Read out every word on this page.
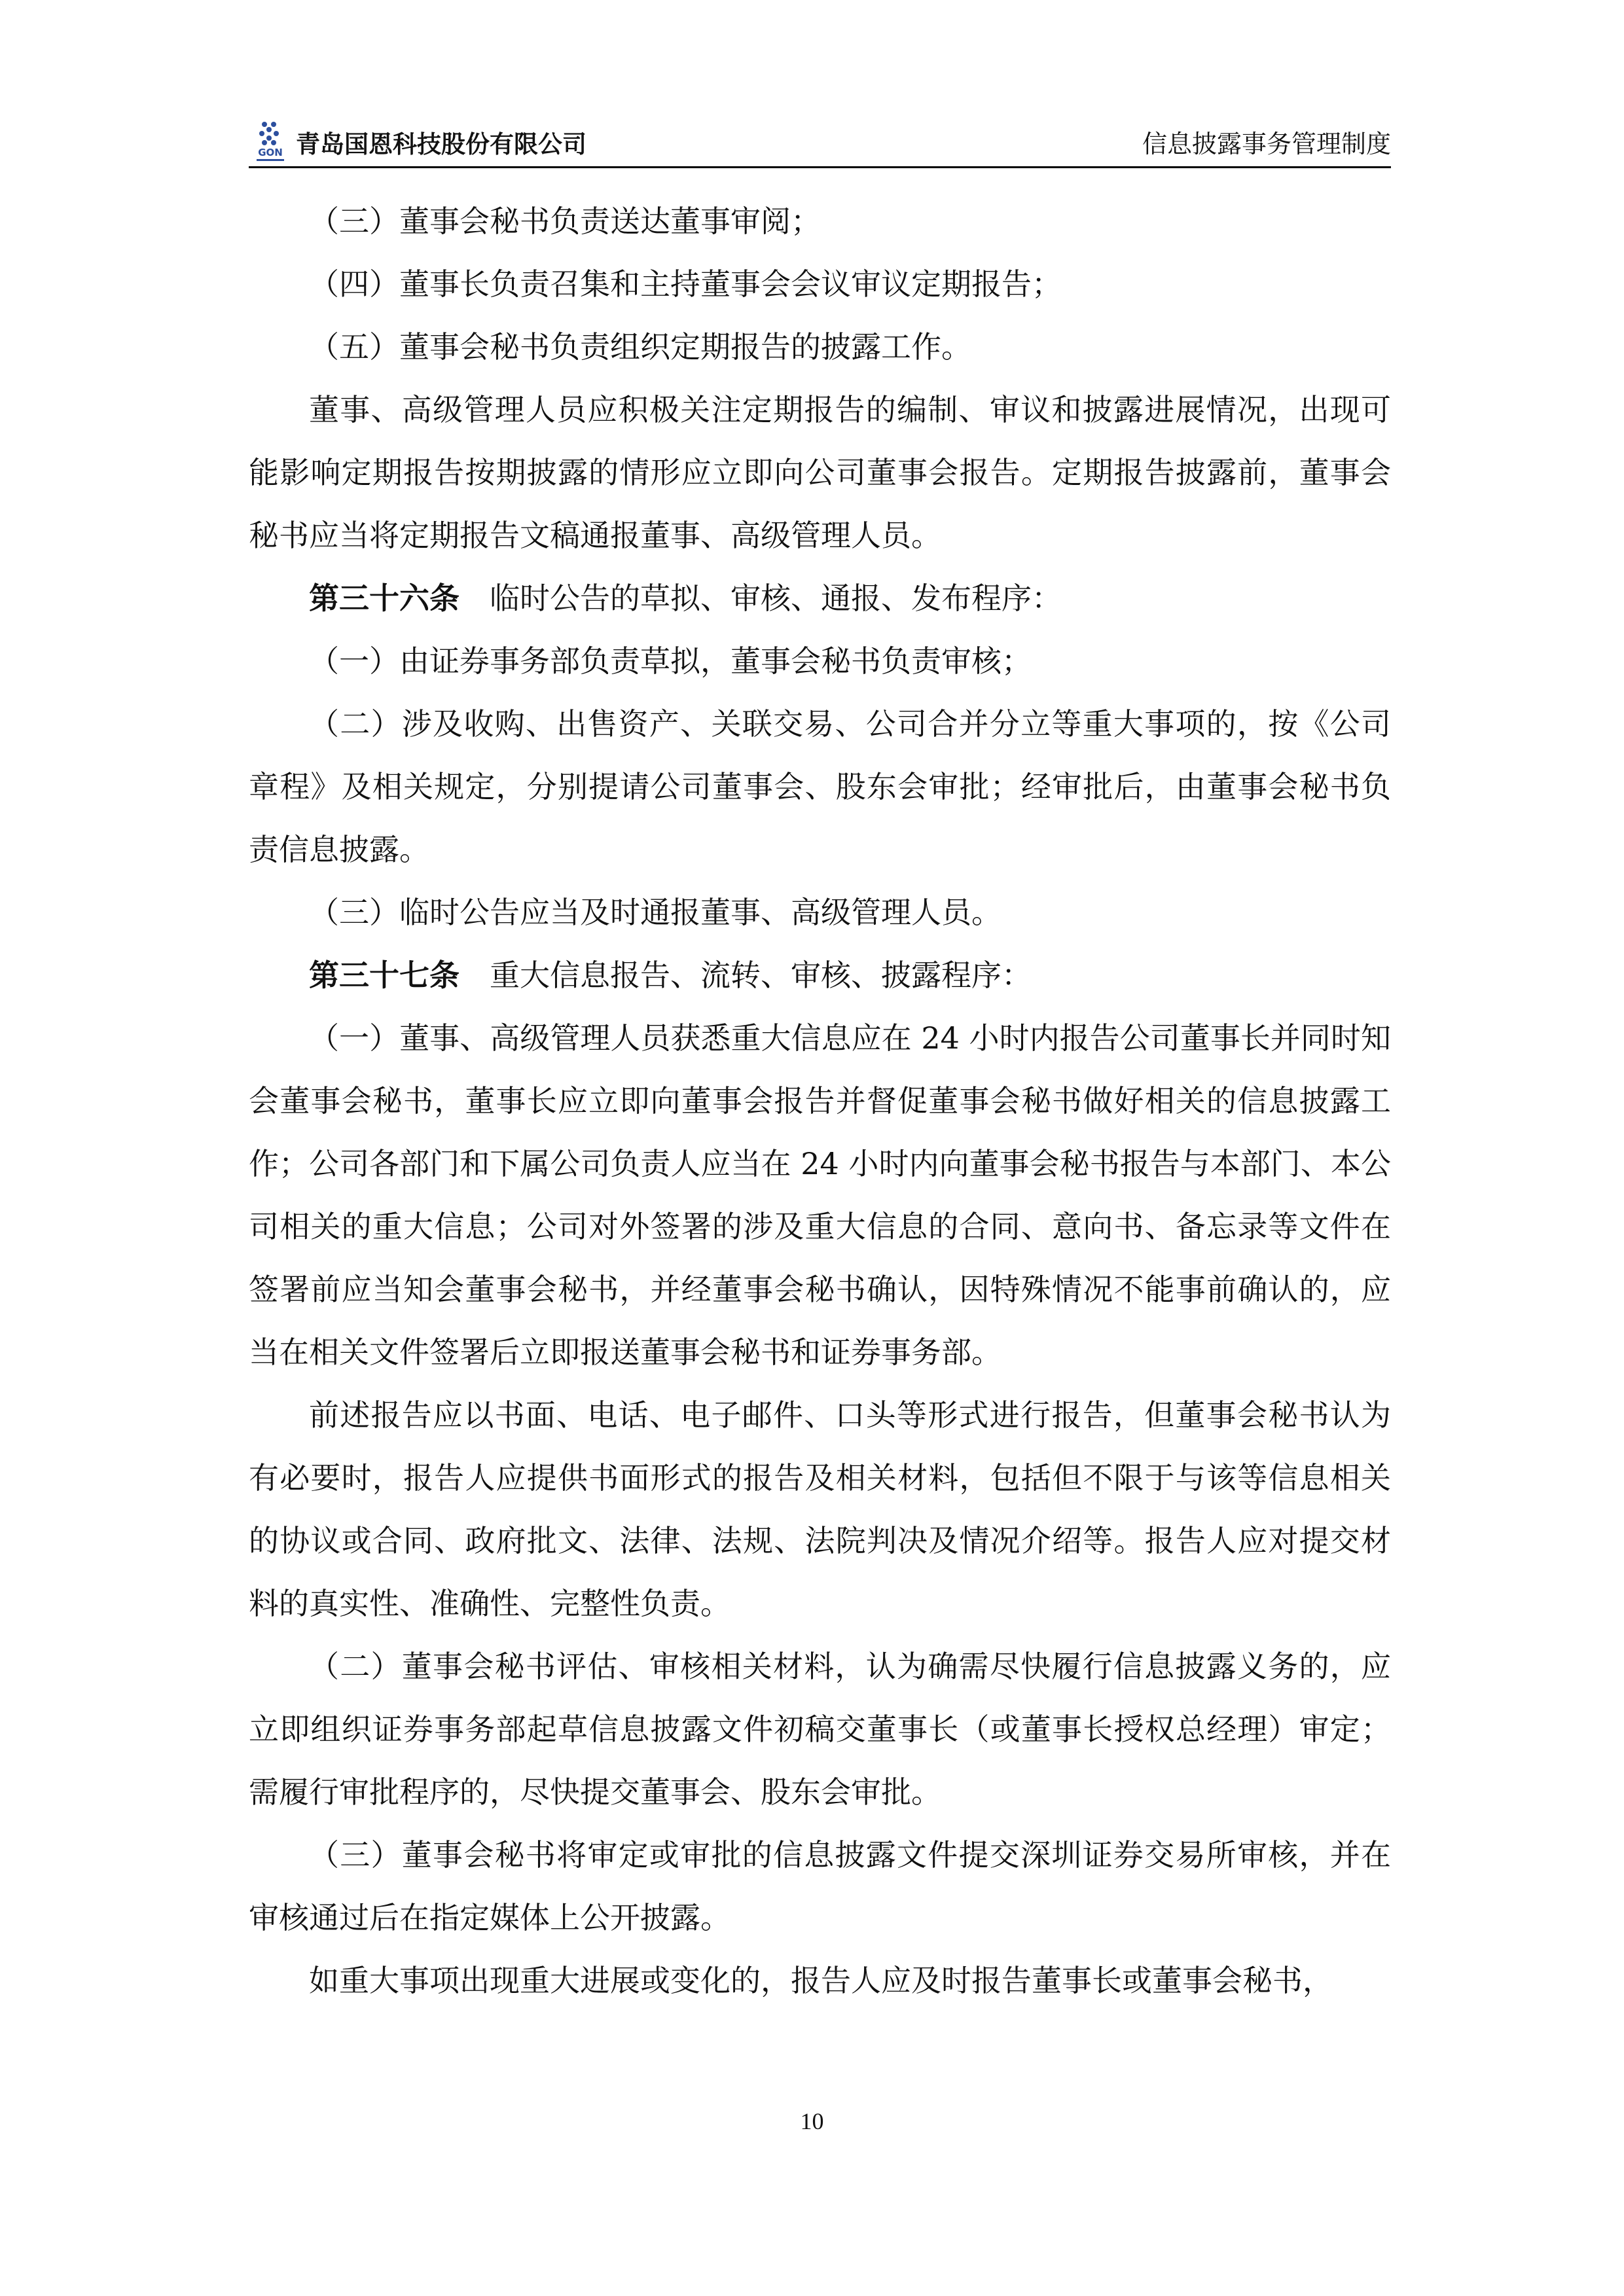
GON 青岛国恩科技股份有限公司	信息披露事务管理制度

（三）董事会秘书负责送达董事审阅；

（四）董事长负责召集和主持董事会会议审议定期报告；

（五）董事会秘书负责组织定期报告的披露工作。

董事、高级管理人员应积极关注定期报告的编制、审议和披露进展情况，出现可能影响定期报告按期披露的情形应立即向公司董事会报告。定期报告披露前，董事会秘书应当将定期报告文稿通报董事、高级管理人员。

第三十六条　 临时公告的草拟、审核、通报、发布程序：

（一）由证券事务部负责草拟，董事会秘书负责审核；

（二）涉及收购、出售资产、关联交易、公司合并分立等重大事项的，按《公司章程》及相关规定，分别提请公司董事会、股东会审批；经审批后，由董事会秘书负责信息披露。

（三）临时公告应当及时通报董事、高级管理人员。

第三十七条　 重大信息报告、流转、审核、披露程序：

（一）董事、高级管理人员获悉重大信息应在 24 小时内报告公司董事长并同时知会董事会秘书，董事长应立即向董事会报告并督促董事会秘书做好相关的信息披露工作；公司各部门和下属公司负责人应当在 24 小时内向董事会秘书报告与本部门、本公司相关的重大信息；公司对外签署的涉及重大信息的合同、意向书、备忘录等文件在签署前应当知会董事会秘书，并经董事会秘书确认，因特殊情况不能事前确认的，应当在相关文件签署后立即报送董事会秘书和证券事务部。

前述报告应以书面、电话、电子邮件、口头等形式进行报告，但董事会秘书认为有必要时，报告人应提供书面形式的报告及相关材料，包括但不限于与该等信息相关的协议或合同、政府批文、法律、法规、法院判决及情况介绍等。报告人应对提交材料的真实性、准确性、完整性负责。

（二）董事会秘书评估、审核相关材料，认为确需尽快履行信息披露义务的，应立即组织证券事务部起草信息披露文件初稿交董事长（或董事长授权总经理）审定；需履行审批程序的，尽快提交董事会、股东会审批。

（三）董事会秘书将审定或审批的信息披露文件提交深圳证券交易所审核，并在审核通过后在指定媒体上公开披露。

如重大事项出现重大进展或变化的，报告人应及时报告董事长或董事会秘书，

10
